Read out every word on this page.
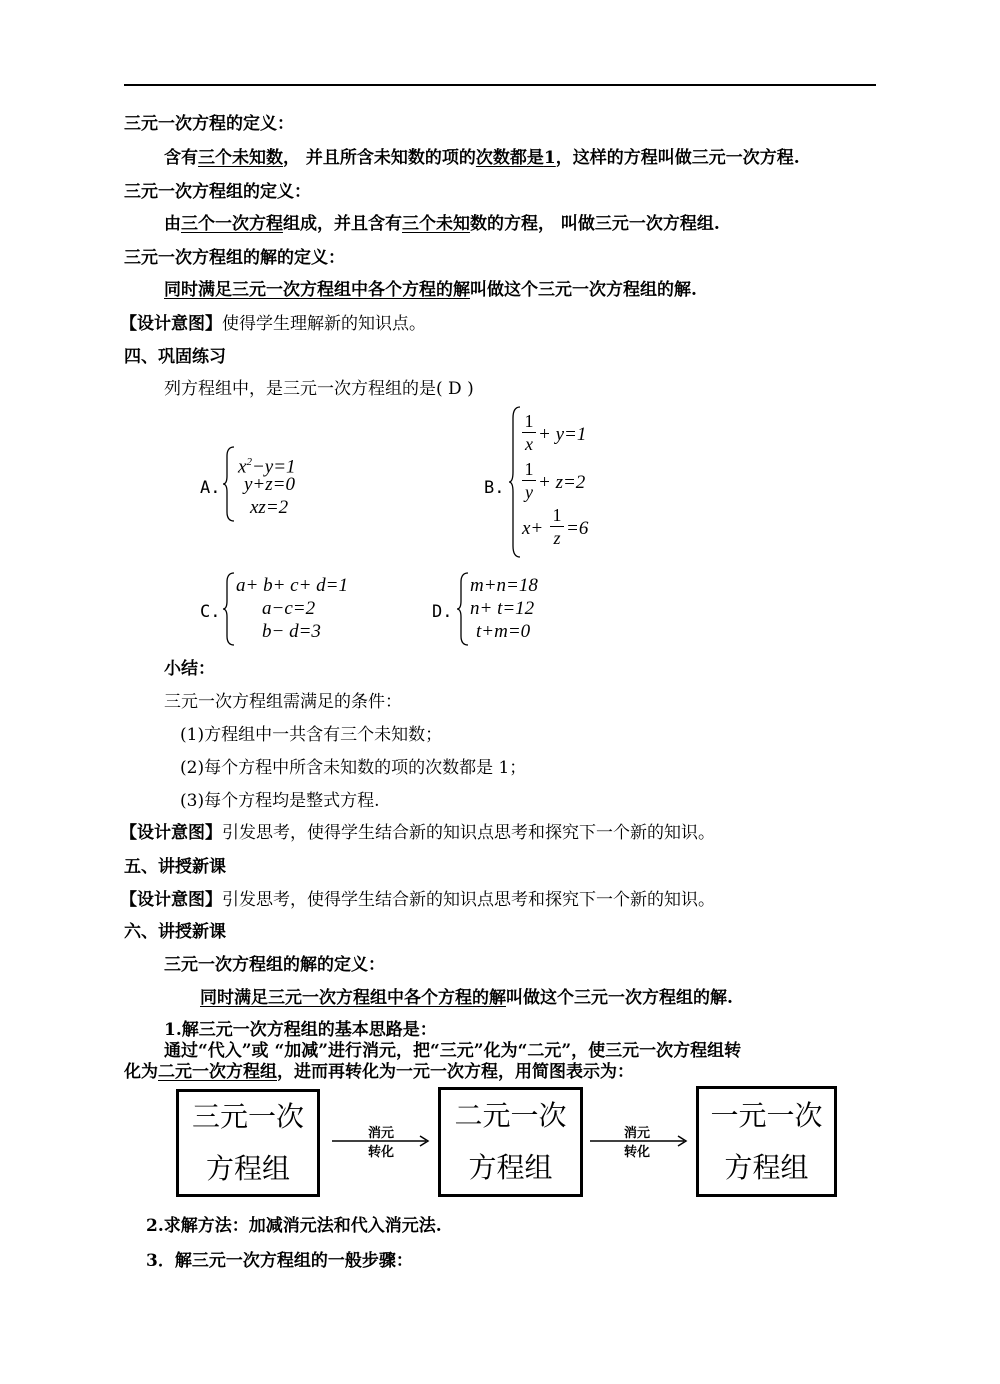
三元一次方程的定义：
含有三个未知数， 并且所含未知数的项的次数都是1，这样的方程叫做三元一次方程.
三元一次方程组的定义：
由三个一次方程组成，并且含有三个未知数的方程， 叫做三元一次方程组.
三元一次方程组的解的定义：
同时满足三元一次方程组中各个方程的解叫做这个三元一次方程组的解.
【设计意图】使得学生理解新的知识点。
四、巩固练习
列方程组中，是三元一次方程组的是( D )
A.
$x^2-y=1$
y+z=0
xz=2
B.
1
x + y=1
1
y + z=2
x+
1
z =6
C.
a+ b+ c+ d=1
a−c=2
b− d=3
D.
m+n=18
n+ t=12
t+m=0
小结：
三元一次方程组需满足的条件：
(1)方程组中一共含有三个未知数；
(2)每个方程中所含未知数的项的次数都是 1；
(3)每个方程均是整式方程.
【设计意图】引发思考，使得学生结合新的知识点思考和探究下一个新的知识。
五、讲授新课
【设计意图】引发思考，使得学生结合新的知识点思考和探究下一个新的知识。
六、讲授新课
三元一次方程组的解的定义：
同时满足三元一次方程组中各个方程的解叫做这个三元一次方程组的解.
1.解三元一次方程组的基本思路是：
通过“代入”或 “加减”进行消元，把“三元”化为“二元”，使三元一次方程组转
化为二元一次方程组，进而再转化为一元一次方程，用简图表示为：
三元一次
方程组
消元
转化
二元一次
方程组
消元
转化
一元一次
方程组
2.求解方法：加减消元法和代入消元法.
3．解三元一次方程组的一般步骤：
